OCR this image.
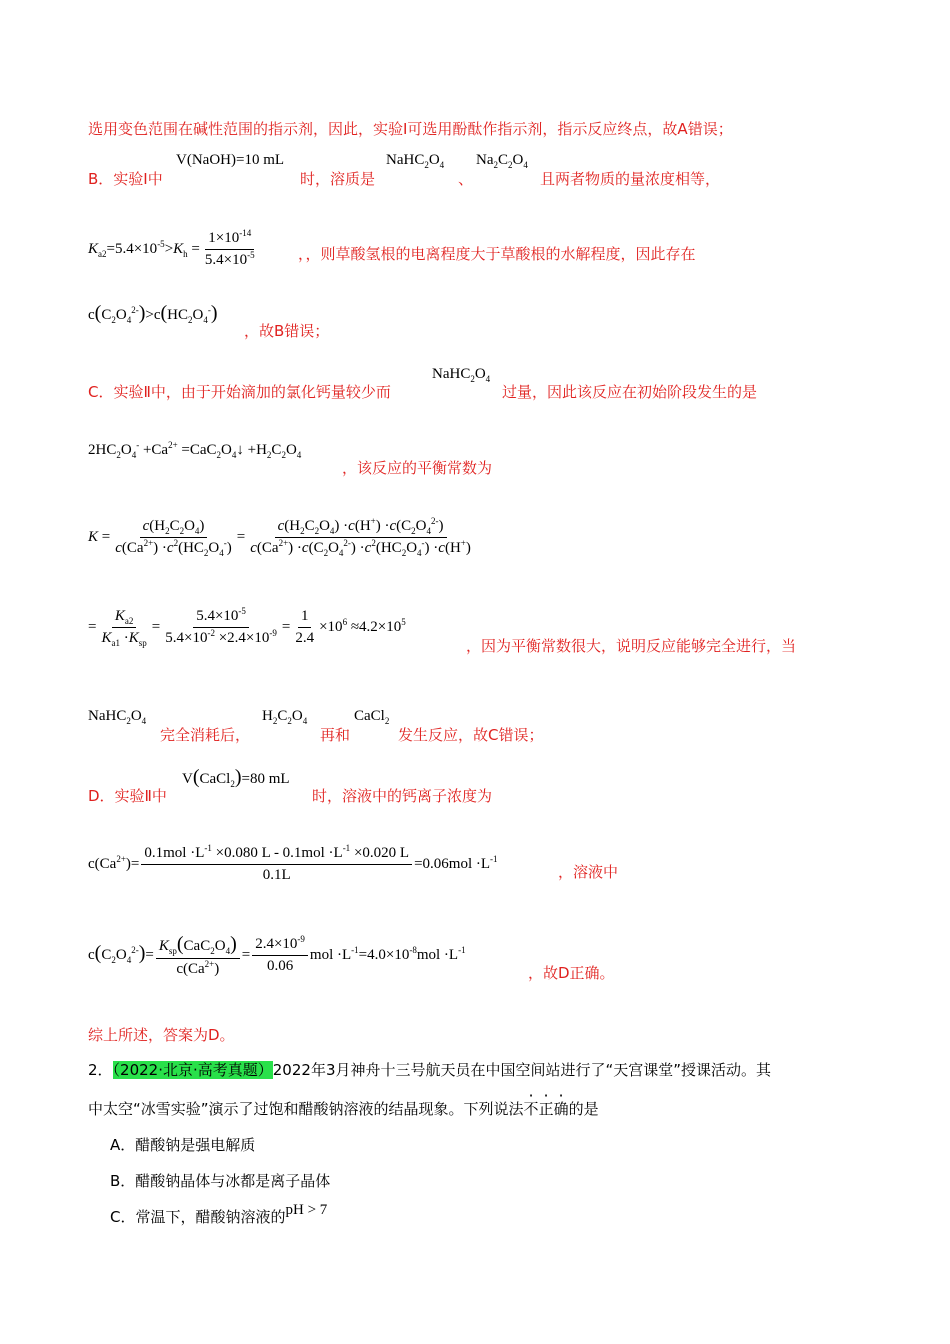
选用变色范围在碱性范围的指示剂，因此，实验Ⅰ可选用酚酞作指示剂，指示反应终点，故A错误；
B．实验Ⅰ中
V(NaOH)=10 mL
时，溶质是
$NaHC_2O_4$
、
$Na_2C_2O_4$
且两者物质的量浓度相等，
$K_{a2}=5.4\times 10^{-5}>K_h = \frac{1\times 10^{-14}}{5.4\times 10^{-5}}$	，，则草酸氢根的电离程度大于草酸根的水解程度，因此存在
$c(C_2O_4^{2-})>c(HC_2O_4^-)$
，故B错误；
C．实验Ⅱ中，由于开始滴加的氯化钙量较少而
$NaHC_2O_4$
过量，因此该反应在初始阶段发生的是
$2HC_2O_4^- +Ca^{2+}$ $=CaC_2O_4↓ +H_2C_2O_4$
，该反应的平衡常数为
$K = \frac{c(H_2C_2O_4)}{c(Ca^{2+}) \cdot c^2(HC_2O_4^-)} = \frac{c(H_2C_2O_4) \cdot c(H^+) \cdot c(C_2O_4^{2-})}{c(Ca^{2+}) \cdot c(C_2O_4^{2-}) \cdot c^2(HC_2O_4^-) \cdot c(H^+)}$
= $\frac{K_{a2}}{K_{a1} \cdot K_{sp}} = \frac{5.4\times 10^{-5}}{5.4\times 10^{-2} \times 2.4\times 10^{-9}} = \frac{1}{2.4} \times 10^6 \approx 4.2\times 10^5$
，因为平衡常数很大，说明反应能够完全进行，当
$NaHC_2O_4$
完全消耗后，
$H_2C_2O_4$
再和
CaCl$_2$
发生反应，故C错误；
D．实验Ⅱ中
V(CaCl$_2$)=80 mL
时，溶液中的钙离子浓度为
$c(Ca^{2+})= \frac{0.1mol \cdot L^{-1} \times 0.080 L - 0.1mol \cdot L^{-1} \times 0.020 L}{0.1L} =0.06mol \cdot L^{-1}$
，溶液中
$c(C_2O_4^{2-})= \frac{K_{sp}(CaC_2O_4)}{c(Ca^{2+})} = \frac{2.4\times 10^{-9}}{0.06}$ mol $\cdot L^{-1}=4.0\times 10^{-8}mol \cdot L^{-1}$
，故D正确。
综上所述，答案为D。
2．（2022·北京·高考真题）2022年3月神舟十三号航天员在中国空间站进行了“天宫课堂”授课活动。其
中太空“冰雪实验”演示了过饱和醋酸钠溶液的结晶现象。下列说法不正确的是
A．醋酸钠是强电解质
B．醋酸钠晶体与冰都是离子晶体
C．常温下，醋酸钠溶液的pH > 7
